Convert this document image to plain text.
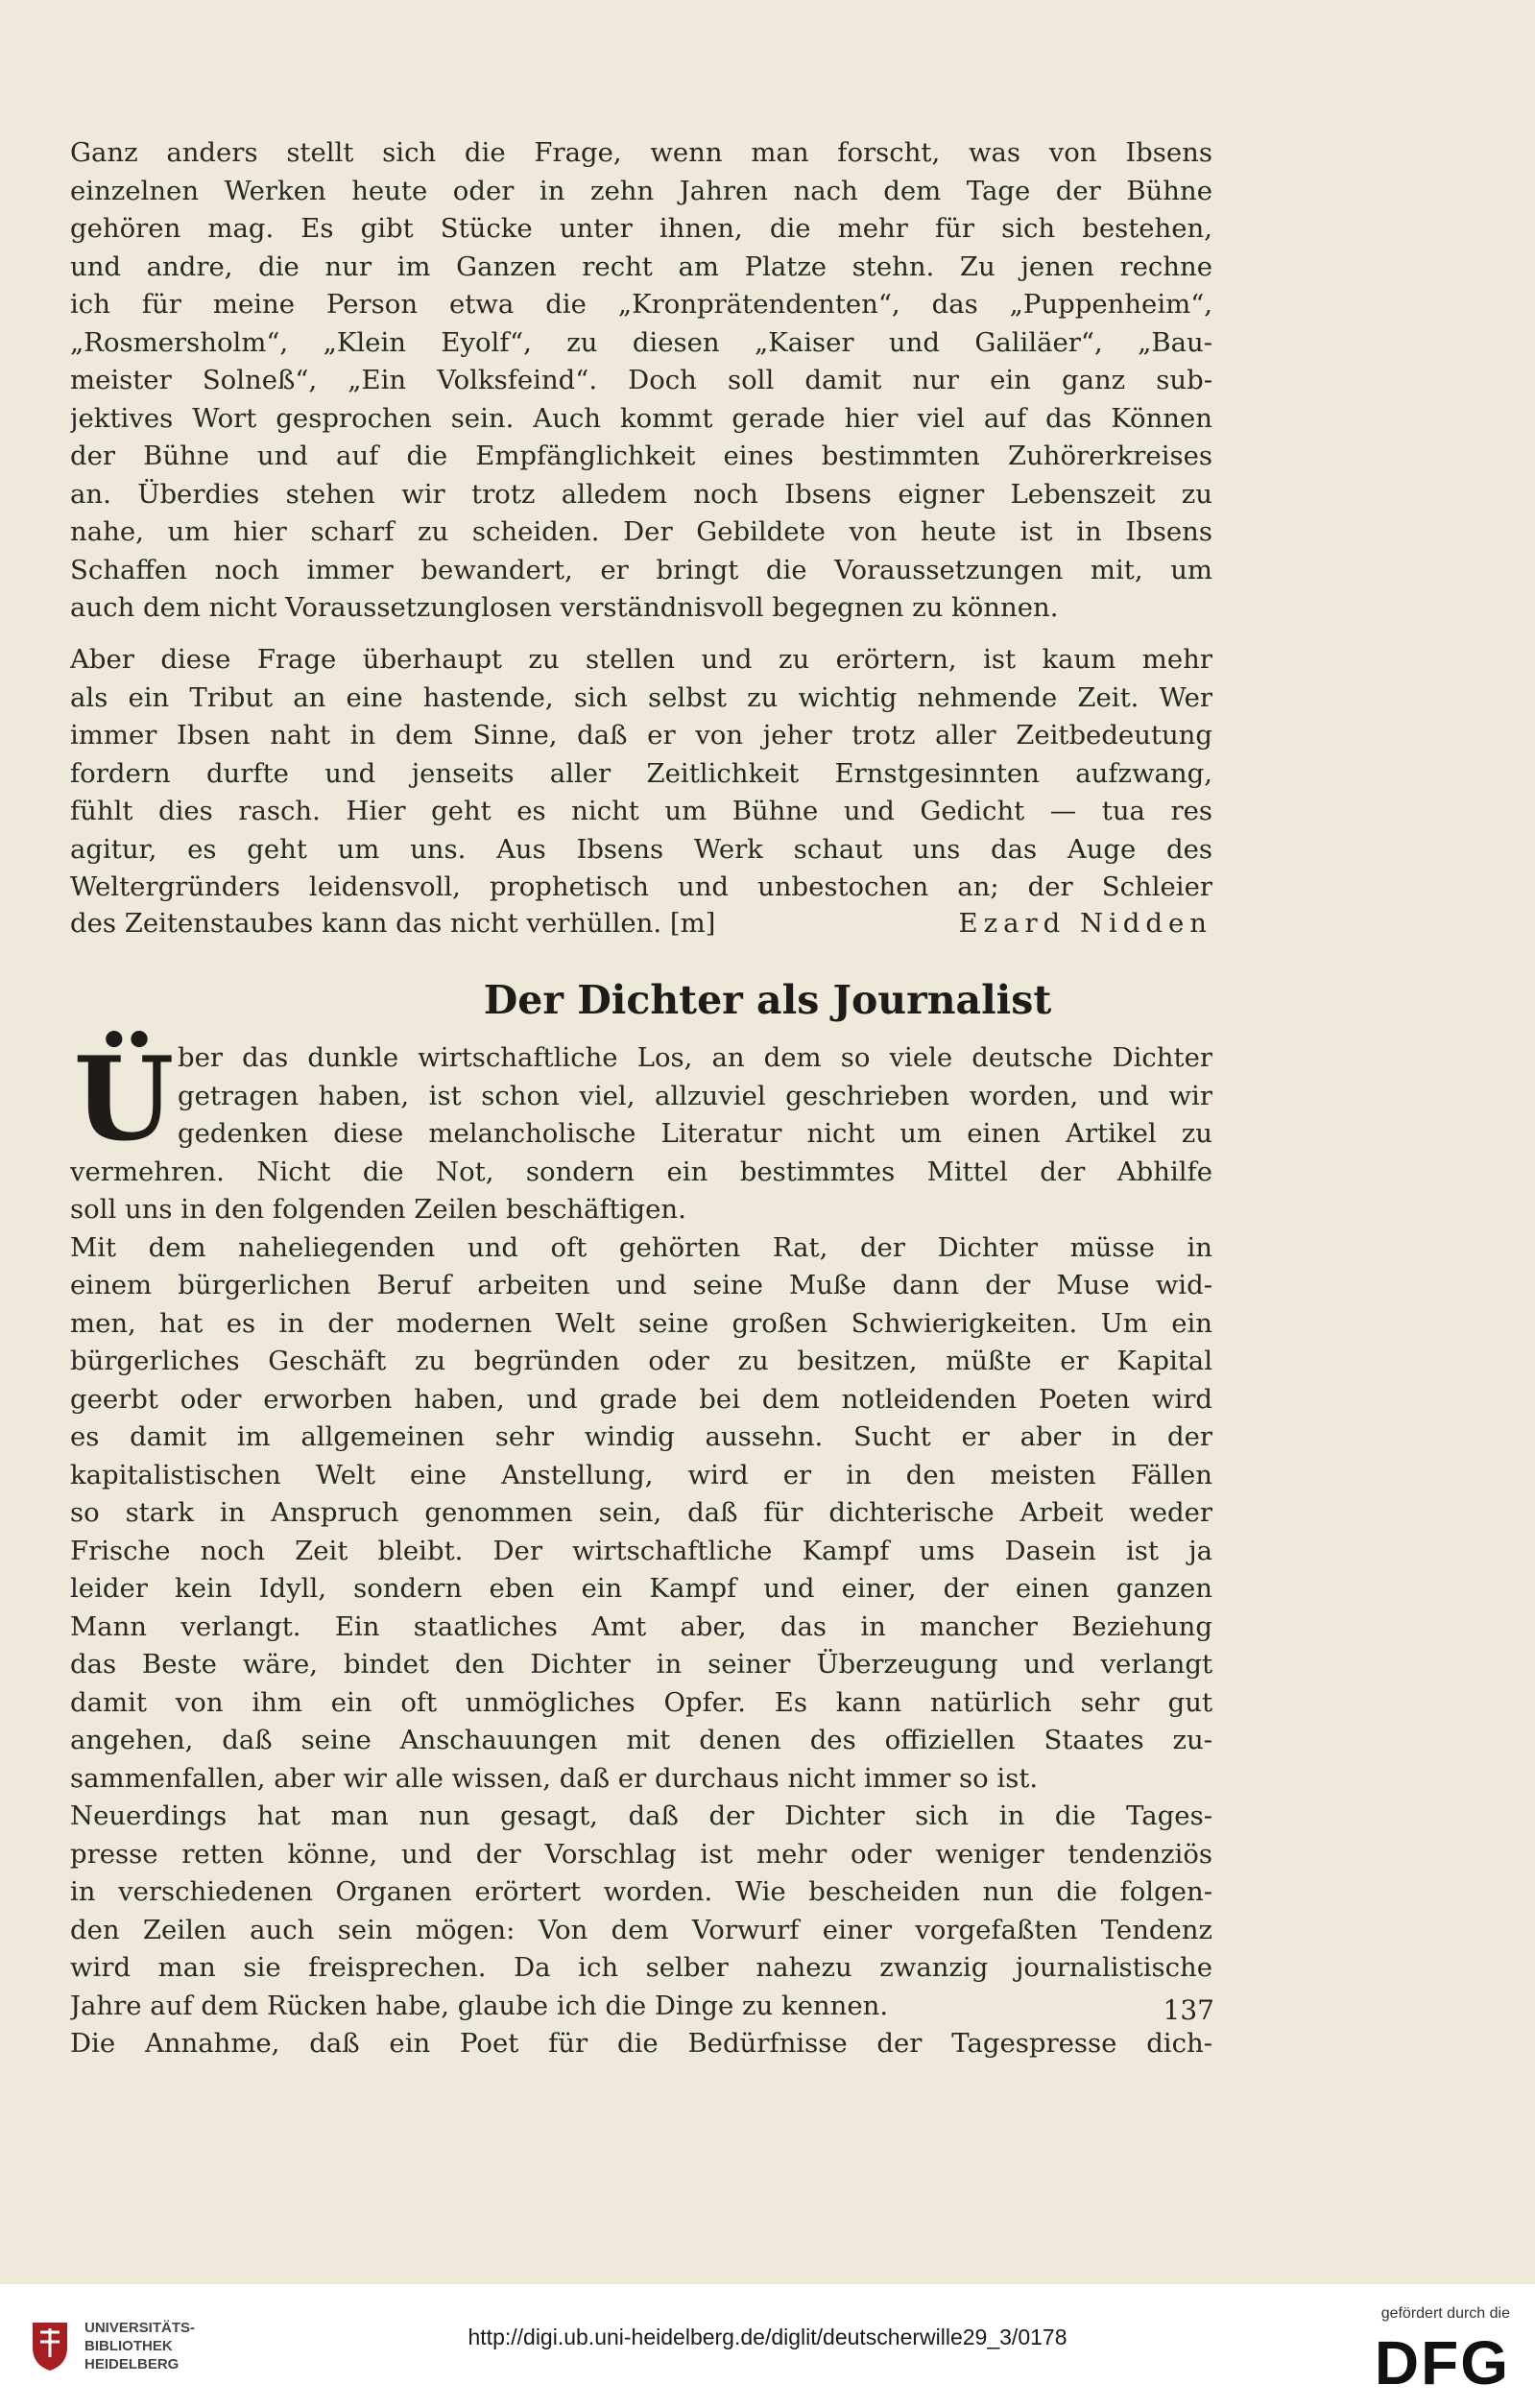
Ganz anders stellt sich die Frage, wenn man forscht, was von Ibsens
einzelnen Werken heute oder in zehn Jahren nach dem Tage der Bühne
gehören mag. Es gibt Stücke unter ihnen, die mehr für sich bestehen,
und andre, die nur im Ganzen recht am Platze stehn. Zu jenen rechne
ich für meine Person etwa die „Kronprätendenten“, das „Puppenheim“,
„Rosmersholm“, „Klein Eyolf“, zu diesen „Kaiser und Galiläer“, „Bau-
meister Solneß“, „Ein Volksfeind“. Doch soll damit nur ein ganz sub-
jektives Wort gesprochen sein. Auch kommt gerade hier viel auf das Können
der Bühne und auf die Empfänglichkeit eines bestimmten Zuhörerkreises
an. Überdies stehen wir trotz alledem noch Ibsens eigner Lebenszeit zu
nahe, um hier scharf zu scheiden. Der Gebildete von heute ist in Ibsens
Schaffen noch immer bewandert, er bringt die Voraussetzungen mit, um
auch dem nicht Voraussetzunglosen verständnisvoll begegnen zu können.
Aber diese Frage überhaupt zu stellen und zu erörtern, ist kaum mehr
als ein Tribut an eine hastende, sich selbst zu wichtig nehmende Zeit. Wer
immer Ibsen naht in dem Sinne, daß er von jeher trotz aller Zeitbedeutung
fordern durfte und jenseits aller Zeitlichkeit Ernstgesinnten aufzwang,
fühlt dies rasch. Hier geht es nicht um Bühne und Gedicht — tua res
agitur, es geht um uns. Aus Ibsens Werk schaut uns das Auge des
Weltergründers leidensvoll, prophetisch und unbestochen an; der Schleier
des Zeitenstaubes kann das nicht verhüllen. [m]	Ezard Nidden
Der Dichter als Journalist
Ü ber das dunkle wirtschaftliche Los, an dem so viele deutsche Dichter
getragen haben, ist schon viel, allzuviel geschrieben worden, und wir
gedenken diese melancholische Literatur nicht um einen Artikel zu
vermehren. Nicht die Not, sondern ein bestimmtes Mittel der Abhilfe
soll uns in den folgenden Zeilen beschäftigen.
Mit dem naheliegenden und oft gehörten Rat, der Dichter müsse in
einem bürgerlichen Beruf arbeiten und seine Muße dann der Muse wid-
men, hat es in der modernen Welt seine großen Schwierigkeiten. Um ein
bürgerliches Geschäft zu begründen oder zu besitzen, müßte er Kapital
geerbt oder erworben haben, und grade bei dem notleidenden Poeten wird
es damit im allgemeinen sehr windig aussehn. Sucht er aber in der
kapitalistischen Welt eine Anstellung, wird er in den meisten Fällen
so stark in Anspruch genommen sein, daß für dichterische Arbeit weder
Frische noch Zeit bleibt. Der wirtschaftliche Kampf ums Dasein ist ja
leider kein Idyll, sondern eben ein Kampf und einer, der einen ganzen
Mann verlangt. Ein staatliches Amt aber, das in mancher Beziehung
das Beste wäre, bindet den Dichter in seiner Überzeugung und verlangt
damit von ihm ein oft unmögliches Opfer. Es kann natürlich sehr gut
angehen, daß seine Anschauungen mit denen des offiziellen Staates zu-
sammenfallen, aber wir alle wissen, daß er durchaus nicht immer so ist.
Neuerdings hat man nun gesagt, daß der Dichter sich in die Tages-
presse retten könne, und der Vorschlag ist mehr oder weniger tendenziös
in verschiedenen Organen erörtert worden. Wie bescheiden nun die folgen-
den Zeilen auch sein mögen: Von dem Vorwurf einer vorgefaßten Tendenz
wird man sie freisprechen. Da ich selber nahezu zwanzig journalistische
Jahre auf dem Rücken habe, glaube ich die Dinge zu kennen.
Die Annahme, daß ein Poet für die Bedürfnisse der Tagespresse dich-
137
UNIVERSITÄTS-
BIBLIOTHEK
HEIDELBERG
http://digi.ub.uni-heidelberg.de/diglit/deutscherwille29_3/0178
gefördert durch die
DFG
